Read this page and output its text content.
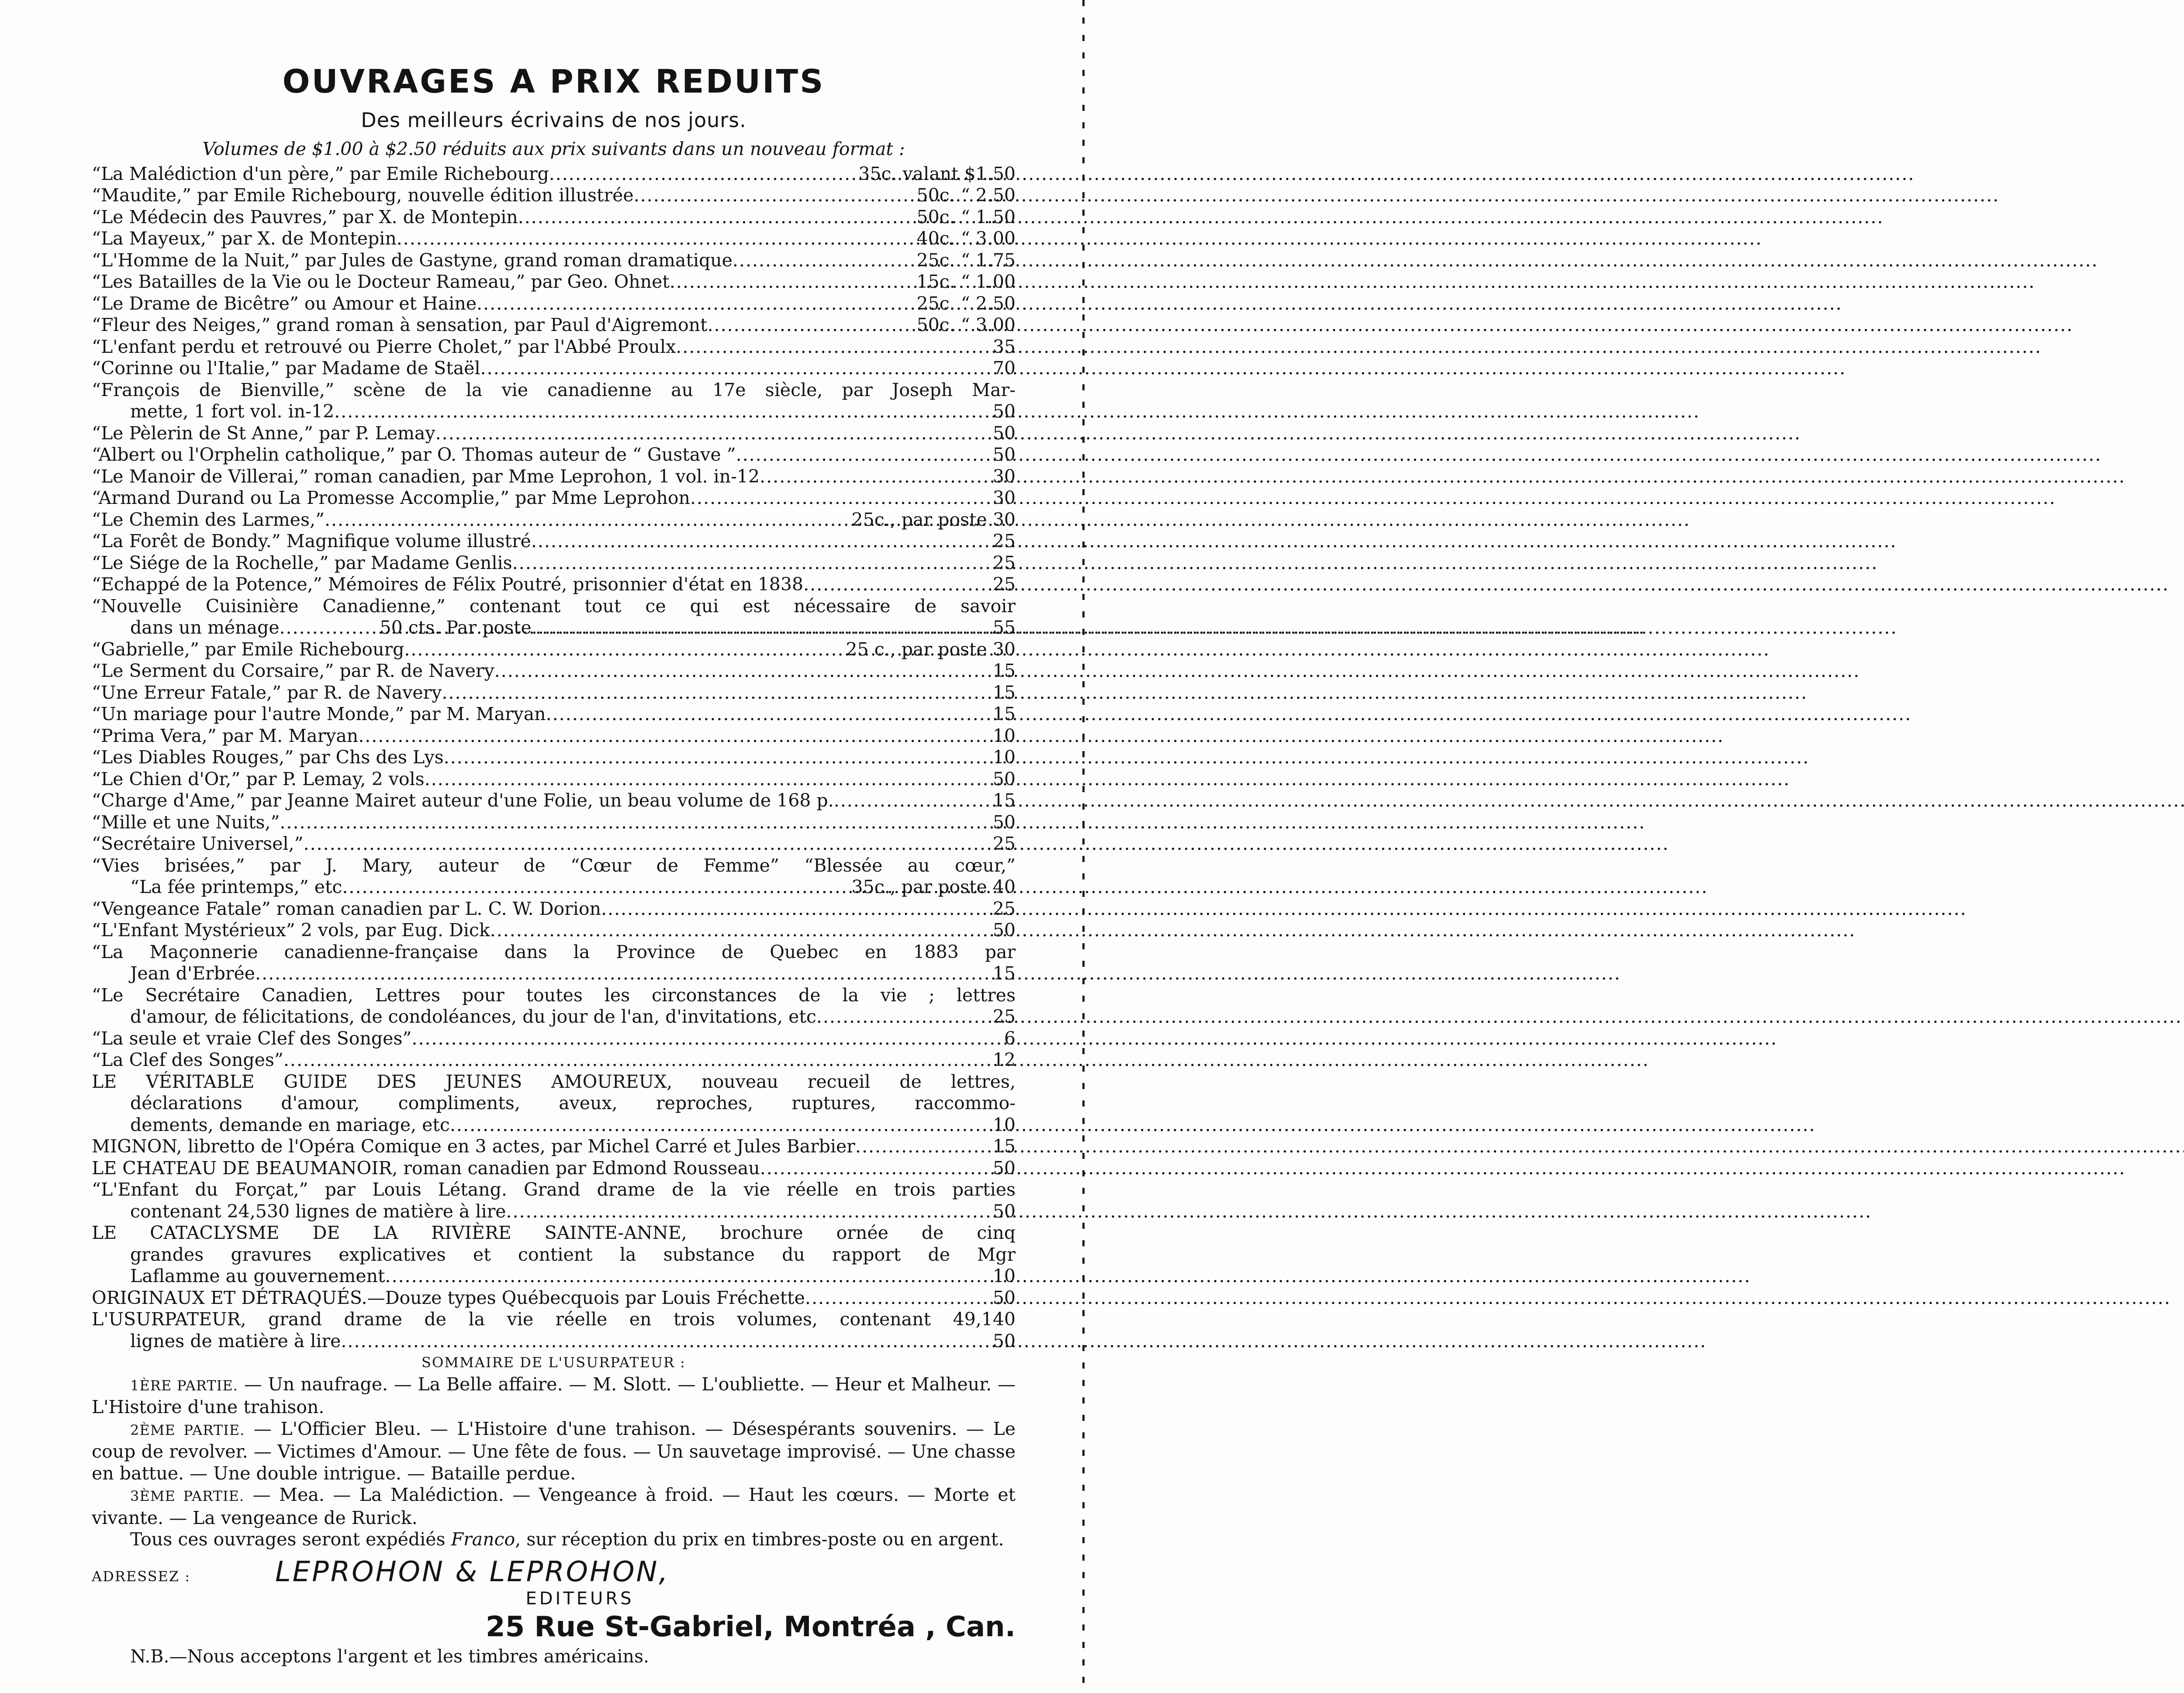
OUVRAGES A PRIX REDUITS
Des meilleurs écrivains de nos jours.
Volumes de $1.00 à $2.50 réduits aux prix suivants dans un nouveau format :
“La Malédiction d'un père,” par Emile Richebourg .....	35c. valant $1.50
“Maudite,” par Emile Richebourg, nouvelle édition illustrée .....	50c. “ 2.50
“Le Médecin des Pauvres,” par X. de Montepin .....	50c. “ 1.50
“La Mayeux,” par X. de Montepin .....	40c. “ 3.00
“L'Homme de la Nuit,” par Jules de Gastyne, grand roman dramatique .....	25c. “ 1.75
“Les Batailles de la Vie ou le Docteur Rameau,” par Geo. Ohnet .....	15c. “ 1.00
“Le Drame de Bicêtre” ou Amour et Haine .....	25c. “ 2.50
“Fleur des Neiges,” grand roman à sensation, par Paul d'Aigremont .....	50c. “ 3.00
“L'enfant perdu et retrouvé ou Pierre Cholet,” par l'Abbé Proulx .....	35
“Corinne ou l'Italie,” par Madame de Staël .....	70
“François de Bienville,” scène de la vie canadienne au 17e siècle, par Joseph Mar-
mette, 1 fort vol. in-12 .....	50
“Le Pèlerin de St Anne,” par P. Lemay .....	50
“Albert ou l'Orphelin catholique,” par O. Thomas auteur de “ Gustave ” .....	50
“Le Manoir de Villerai,” roman canadien, par Mme Leprohon, 1 vol. in-12 .....	30
“Armand Durand ou La Promesse Accomplie,” par Mme Leprohon .....	30
“Le Chemin des Larmes,” .....	25c., par poste 30
“La Forêt de Bondy.” Magnifique volume illustré .....	25
“Le Siége de la Rochelle,” par Madame Genlis .....	25
“Echappé de la Potence,” Mémoires de Félix Poutré, prisonnier d'état en 1838 .....	25
“Nouvelle Cuisinière Canadienne,” contenant tout ce qui est nécessaire de savoir
dans un ménage .....	50 cts. Par poste .....	55
“Gabrielle,” par Emile Richebourg .....	25 c., par poste 30
“Le Serment du Corsaire,” par R. de Navery .....	15
“Une Erreur Fatale,” par R. de Navery .....	15
“Un mariage pour l'autre Monde,” par M. Maryan .....	15
“Prima Vera,” par M. Maryan .....	10
“Les Diables Rouges,” par Chs des Lys .....	10
“Le Chien d'Or,” par P. Lemay, 2 vols .....	50
“Charge d'Ame,” par Jeanne Mairet auteur d'une Folie, un beau volume de 168 p. .....	15
“Mille et une Nuits,” .....	50
“Secrétaire Universel,” .....	25
“Vies brisées,” par J. Mary, auteur de “Cœur de Femme” “Blessée au cœur,”
“La fée printemps,” etc .....	35c., par poste 40
“Vengeance Fatale” roman canadien par L. C. W. Dorion .....	25
“L'Enfant Mystérieux” 2 vols, par Eug. Dick .....	50
“La Maçonnerie canadienne-française dans la Province de Quebec en 1883 par
Jean d'Erbrée .....	15
“Le Secrétaire Canadien, Lettres pour toutes les circonstances de la vie ; lettres
d'amour, de félicitations, de condoléances, du jour de l'an, d'invitations, etc .....	25
“La seule et vraie Clef des Songes” .....	6
“La Clef des Songes” .....	12
LE VÉRITABLE GUIDE DES JEUNES AMOUREUX, nouveau recueil de lettres,
déclarations d'amour, compliments, aveux, reproches, ruptures, raccommo-
dements, demande en mariage, etc .....	10
MIGNON, libretto de l'Opéra Comique en 3 actes, par Michel Carré et Jules Barbier .....	15
LE CHATEAU DE BEAUMANOIR, roman canadien par Edmond Rousseau .....	50
“L'Enfant du Forçat,” par Louis Létang. Grand drame de la vie réelle en trois parties
contenant 24,530 lignes de matière à lire .....	50
LE CATACLYSME DE LA RIVIÈRE SAINTE-ANNE, brochure ornée de cinq
grandes gravures explicatives et contient la substance du rapport de Mgr
Laflamme au gouvernement .....	10
ORIGINAUX ET DÉTRAQUÉS.—Douze types Québecquois par Louis Fréchette .....	50
L'USURPATEUR, grand drame de la vie réelle en trois volumes, contenant 49,140
lignes de matière à lire .....	50
SOMMAIRE DE L'USURPATEUR :
1ÈRE PARTIE. — Un naufrage. — La Belle affaire. — M. Slott. — L'oubliette. — Heur et Malheur. — L'Histoire d'une trahison.
2ÈME PARTIE. — L'Officier Bleu. — L'Histoire d'une trahison. — Désespérants souvenirs. — Le coup de revolver. — Victimes d'Amour. — Une fête de fous. — Un sauvetage improvisé. — Une chasse en battue. — Une double intrigue. — Bataille perdue.
3ÈME PARTIE. — Mea. — La Malédiction. — Vengeance à froid. — Haut les cœurs. — Morte et vivante. — La vengeance de Rurick.
Tous ces ouvrages seront expédiés Franco, sur réception du prix en timbres-poste ou en argent.
ADRESSEZ :	LEPROHON & LEPROHON,
EDITEURS
25 Rue St-Gabriel, Montréa , Can.
N.B.—Nous acceptons l'argent et les timbres américains.
